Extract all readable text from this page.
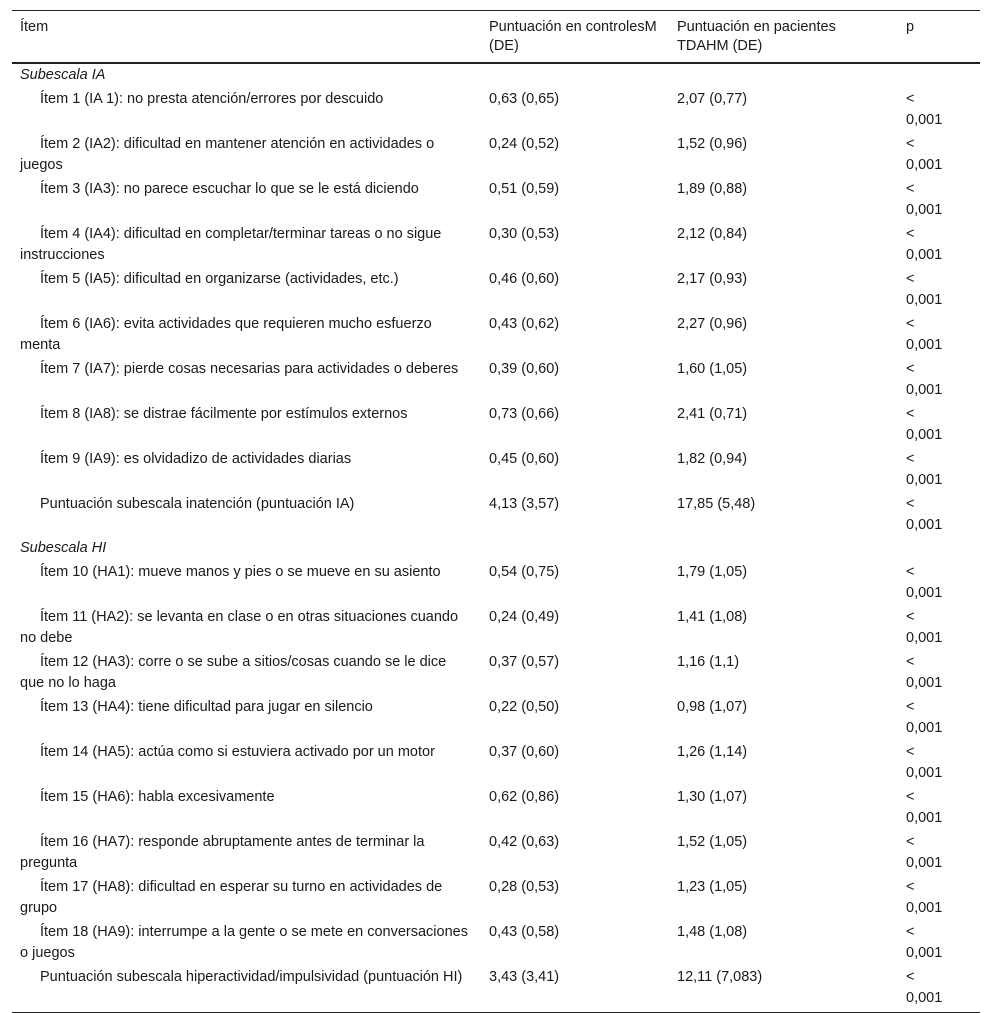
Ítem	Puntuación en controlesM (DE)	Puntuación en pacientes TDAHM (DE)	p
Subescala IA			
Ítem 1 (IA 1): no presta atención/errores por descuido	0,63 (0,65)	2,07 (0,77)	<
0,001

Ítem 2 (IA2): dificultad en mantener atención en actividades o juegos	0,24 (0,52)	1,52 (0,96)	<
0,001

Ítem 3 (IA3): no parece escuchar lo que se le está diciendo	0,51 (0,59)	1,89 (0,88)	<
0,001

Ítem 4 (IA4): dificultad en completar/terminar tareas o no sigue instrucciones	0,30 (0,53)	2,12 (0,84)	<
0,001

Ítem 5 (IA5): dificultad en organizarse (actividades, etc.)	0,46 (0,60)	2,17 (0,93)	<
0,001

Ítem 6 (IA6): evita actividades que requieren mucho esfuerzo menta	0,43 (0,62)	2,27 (0,96)	<
0,001

Ítem 7 (IA7): pierde cosas necesarias para actividades o deberes	0,39 (0,60)	1,60 (1,05)	<
0,001

Ítem 8 (IA8): se distrae fácilmente por estímulos externos	0,73 (0,66)	2,41 (0,71)	<
0,001

Ítem 9 (IA9): es olvidadizo de actividades diarias	0,45 (0,60)	1,82 (0,94)	<
0,001

Puntuación subescala inatención (puntuación IA)	4,13 (3,57)	17,85 (5,48)	<
0,001

Subescala HI			
Ítem 10 (HA1): mueve manos y pies o se mueve en su asiento	0,54 (0,75)	1,79 (1,05)	<
0,001

Ítem 11 (HA2): se levanta en clase o en otras situaciones cuando no debe	0,24 (0,49)	1,41 (1,08)	<
0,001

Ítem 12 (HA3): corre o se sube a sitios/cosas cuando se le dice que no lo haga	0,37 (0,57)	1,16 (1,1)	<
0,001

Ítem 13 (HA4): tiene dificultad para jugar en silencio	0,22 (0,50)	0,98 (1,07)	<
0,001

Ítem 14 (HA5): actúa como si estuviera activado por un motor	0,37 (0,60)	1,26 (1,14)	<
0,001

Ítem 15 (HA6): habla excesivamente	0,62 (0,86)	1,30 (1,07)	<
0,001

Ítem 16 (HA7): responde abruptamente antes de terminar la pregunta	0,42 (0,63)	1,52 (1,05)	<
0,001

Ítem 17 (HA8): dificultad en esperar su turno en actividades de grupo	0,28 (0,53)	1,23 (1,05)	<
0,001

Ítem 18 (HA9): interrumpe a la gente o se mete en conversaciones o juegos	0,43 (0,58)	1,48 (1,08)	<
0,001

Puntuación subescala hiperactividad/impulsividad (puntuación HI)	3,43 (3,41)	12,11 (7,083)	<
0,001
